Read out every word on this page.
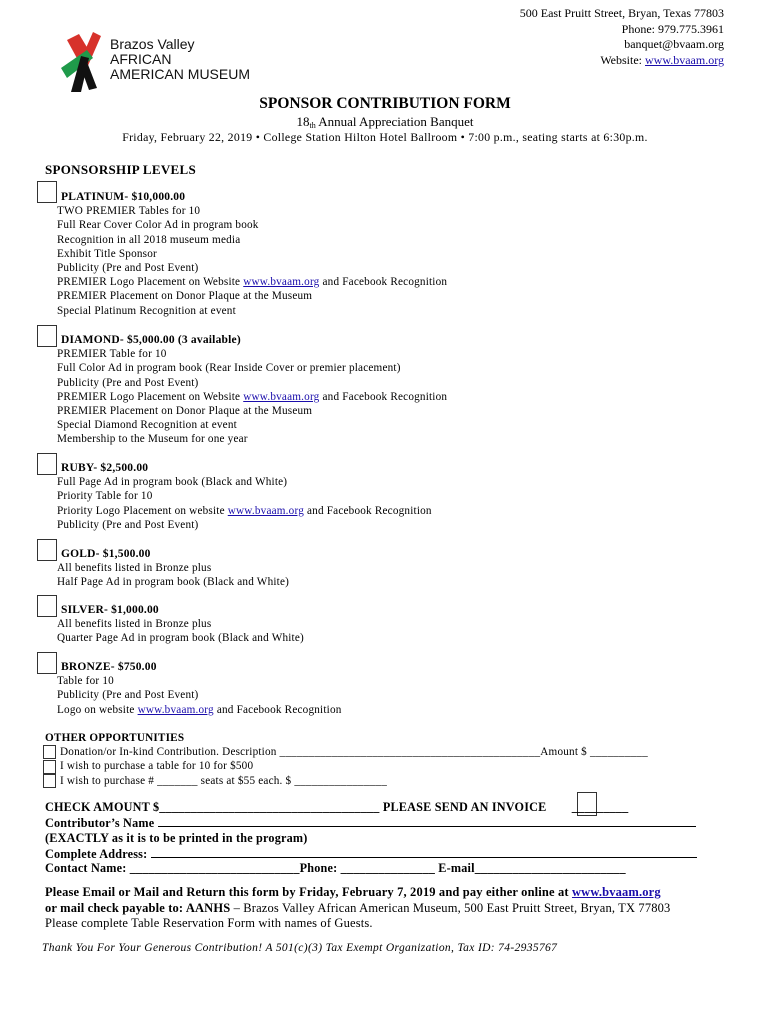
Brazos Valley
AFRICAN
AMERICAN MUSEUM
500 East Pruitt Street, Bryan, Texas 77803
Phone: 979.775.3961
banquet@bvaam.org
Website: www.bvaam.org
SPONSOR CONTRIBUTION FORM
18th Annual Appreciation Banquet
Friday, February 22, 2019 • College Station Hilton Hotel Ballroom • 7:00 p.m., seating starts at 6:30p.m.
SPONSORSHIP LEVELS
PLATINUM- $10,000.00
TWO PREMIER Tables for 10
Full Rear Cover Color Ad in program book
Recognition in all 2018 museum media
Exhibit Title Sponsor
Publicity (Pre and Post Event)
PREMIER Logo Placement on Website www.bvaam.org and Facebook Recognition
PREMIER Placement on Donor Plaque at the Museum
Special Platinum Recognition at event
DIAMOND- $5,000.00 (3 available)
PREMIER Table for 10
Full Color Ad in program book (Rear Inside Cover or premier placement)
Publicity (Pre and Post Event)
PREMIER Logo Placement on Website www.bvaam.org and Facebook Recognition
PREMIER Placement on Donor Plaque at the Museum
Special Diamond Recognition at event
Membership to the Museum for one year
RUBY- $2,500.00
Full Page Ad in program book (Black and White)
Priority Table for 10
Priority Logo Placement on website www.bvaam.org and Facebook Recognition
Publicity (Pre and Post Event)
GOLD- $1,500.00
All benefits listed in Bronze plus
Half Page Ad in program book (Black and White)
SILVER- $1,000.00
All benefits listed in Bronze plus
Quarter Page Ad in program book (Black and White)
BRONZE- $750.00
Table for 10
Publicity (Pre and Post Event)
Logo on website www.bvaam.org and Facebook Recognition
OTHER OPPORTUNITIES
Donation/or In-kind Contribution. Description _____________________________________________Amount $ __________
I wish to purchase a table for 10 for $500
I wish to purchase # _______ seats at $55 each. $ ________________
CHECK AMOUNT $___________________________________ PLEASE SEND AN INVOICE _________
Contributor’s Name
(EXACTLY as it is to be printed in the program)
Complete Address:
Contact Name: ___________________________Phone: _______________ E-mail________________________
Please Email or Mail and Return this form by Friday, February 7, 2019 and pay either online at www.bvaam.org
or mail check payable to: AANHS – Brazos Valley African American Museum, 500 East Pruitt Street, Bryan, TX 77803
Please complete Table Reservation Form with names of Guests.
Thank You For Your Generous Contribution! A 501(c)(3) Tax Exempt Organization, Tax ID: 74-2935767
